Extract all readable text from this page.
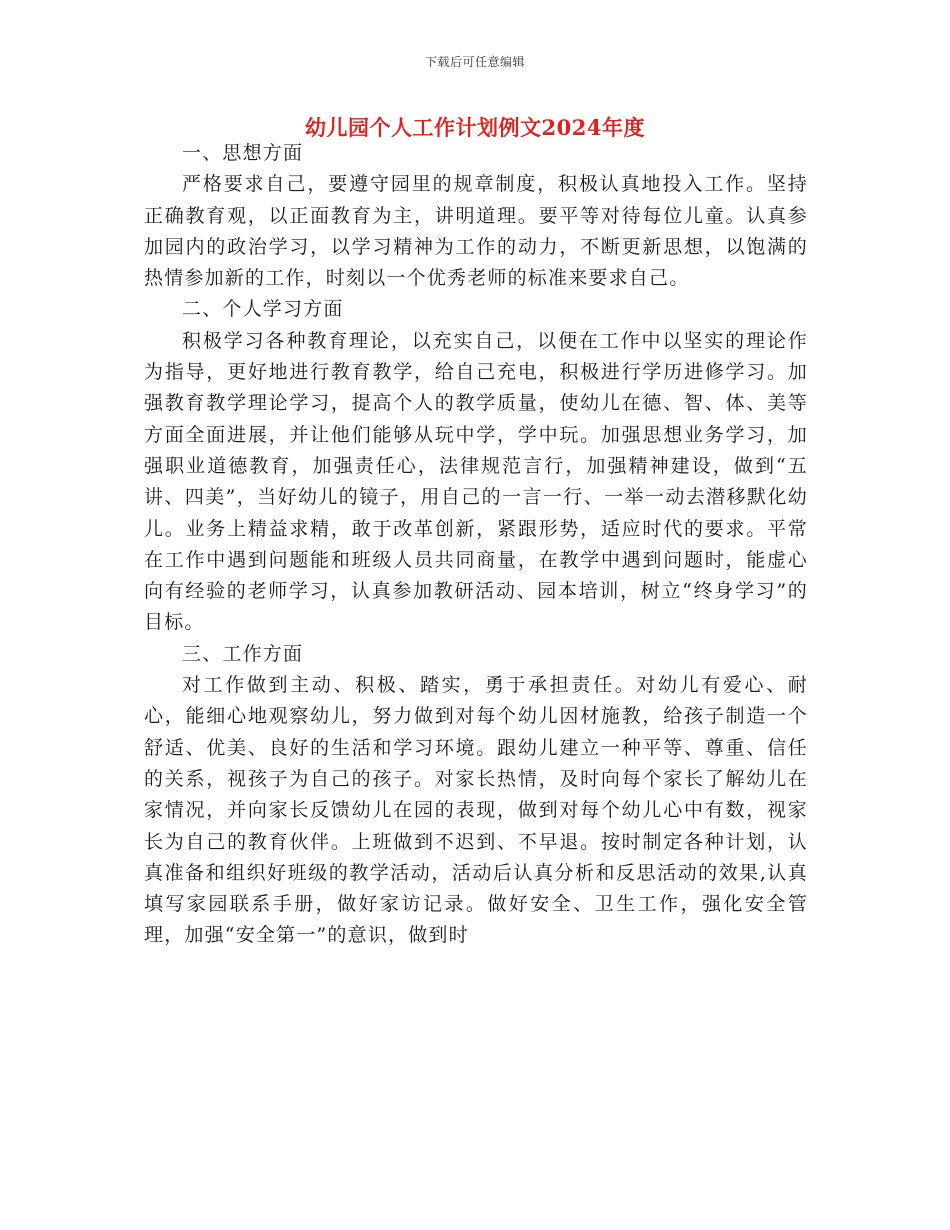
下载后可任意编辑
幼儿园个人工作计划例文2024年度
一、思想方面

严格要求自己，要遵守园里的规章制度，积极认真地投入工作。坚持正确教育观，以正面教育为主，讲明道理。要平等对待每位儿童。认真参加园内的政治学习，以学习精神为工作的动力，不断更新思想，以饱满的热情参加新的工作，时刻以一个优秀老师的标准来要求自己。

二、个人学习方面

积极学习各种教育理论，以充实自己，以便在工作中以坚实的理论作为指导，更好地进行教育教学，给自己充电，积极进行学历进修学习。加强教育教学理论学习，提高个人的教学质量，使幼儿在德、智、体、美等方面全面进展，并让他们能够从玩中学，学中玩。加强思想业务学习，加强职业道德教育，加强责任心，法律规范言行，加强精神建设，做到“五讲、四美”，当好幼儿的镜子，用自己的一言一行、一举一动去潜移默化幼儿。业务上精益求精，敢于改革创新，紧跟形势，适应时代的要求。平常在工作中遇到问题能和班级人员共同商量，在教学中遇到问题时，能虚心向有经验的老师学习，认真参加教研活动、园本培训，树立“终身学习”的目标。

三、工作方面

对工作做到主动、积极、踏实，勇于承担责任。对幼儿有爱心、耐心，能细心地观察幼儿，努力做到对每个幼儿因材施教，给孩子制造一个舒适、优美、良好的生活和学习环境。跟幼儿建立一种平等、尊重、信任的关系，视孩子为自己的孩子。对家长热情，及时向每个家长了解幼儿在家情况，并向家长反馈幼儿在园的表现，做到对每个幼儿心中有数，视家长为自己的教育伙伴。上班做到不迟到、不早退。按时制定各种计划，认真准备和组织好班级的教学活动，活动后认真分析和反思活动的效果,认真填写家园联系手册，做好家访记录。做好安全、卫生工作，强化安全管理，加强“安全第一”的意识，做到时
